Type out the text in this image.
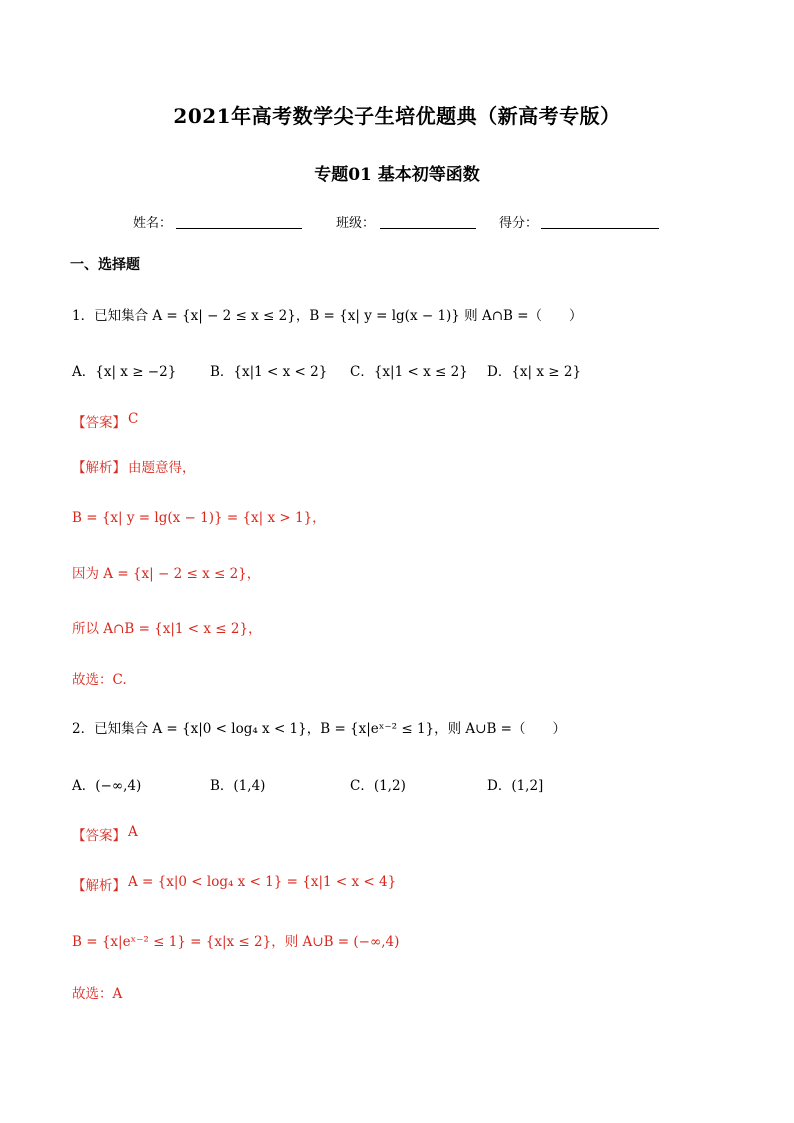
2021年高考数学尖子生培优题典（新高考专版）
专题01 基本初等函数
姓名：	班级：	得分：
一、选择题
1．已知集合 A = {x| − 2 ≤ x ≤ 2}，B = {x| y = lg(x − 1)} 则 A∩B =（　　）
A．{x| x ≥ −2} B．{x|1 < x < 2} C．{x|1 < x ≤ 2} D．{x| x ≥ 2}
【答案】 C
【解析】 由题意得，
B = {x| y = lg(x − 1)} = {x| x > 1}，
因为 A = {x| − 2 ≤ x ≤ 2}，
所以 A∩B = {x|1 < x ≤ 2}，
故选：C.
2．已知集合 A = {x|0 < log₄ x < 1}，B = {x|eˣ⁻² ≤ 1}，则 A∪B =（　　）
A．(−∞,4)	B．(1,4)	C．(1,2)	D．(1,2]
【答案】 A
【解析】 A = {x|0 < log₄ x < 1} = {x|1 < x < 4}
B = {x|eˣ⁻² ≤ 1} = {x|x ≤ 2}，则 A∪B = (−∞,4)
故选：A
